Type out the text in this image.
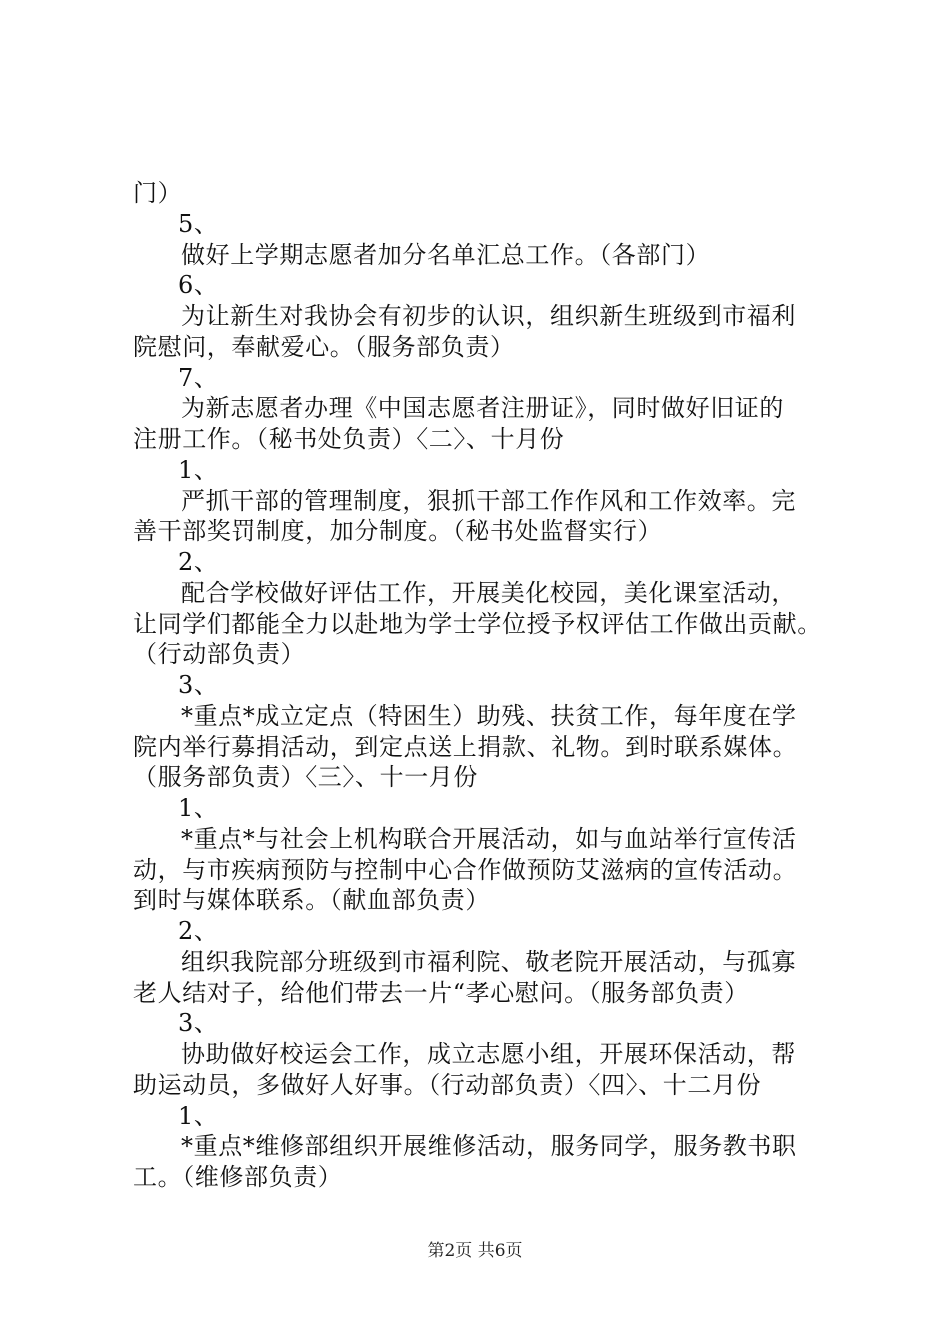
门）
5、
做好上学期志愿者加分名单汇总工作。（各部门）
6、
为让新生对我协会有初步的认识，组织新生班级到市福利
院慰问，奉献爱心。（服务部负责）
7、
为新志愿者办理《中国志愿者注册证》，同时做好旧证的
注册工作。（秘书处负责）〈二〉、十月份
1、
严抓干部的管理制度，狠抓干部工作作风和工作效率。完
善干部奖罚制度，加分制度。（秘书处监督实行）
2、
配合学校做好评估工作，开展美化校园，美化课室活动，
让同学们都能全力以赴地为学士学位授予权评估工作做出贡献。
（行动部负责）
3、
*重点*成立定点（特困生）助残、扶贫工作，每年度在学
院内举行募捐活动，到定点送上捐款、礼物。到时联系媒体。
（服务部负责）〈三〉、十一月份
1、
*重点*与社会上机构联合开展活动，如与血站举行宣传活
动，与市疾病预防与控制中心合作做预防艾滋病的宣传活动。
到时与媒体联系。（献血部负责）
2、
组织我院部分班级到市福利院、敬老院开展活动，与孤寡
老人结对子，给他们带去一片“孝心慰问。（服务部负责）
3、
协助做好校运会工作，成立志愿小组，开展环保活动，帮
助运动员，多做好人好事。（行动部负责）〈四〉、十二月份
1、
*重点*维修部组织开展维修活动，服务同学，服务教书职
工。（维修部负责）
第2页 共6页
